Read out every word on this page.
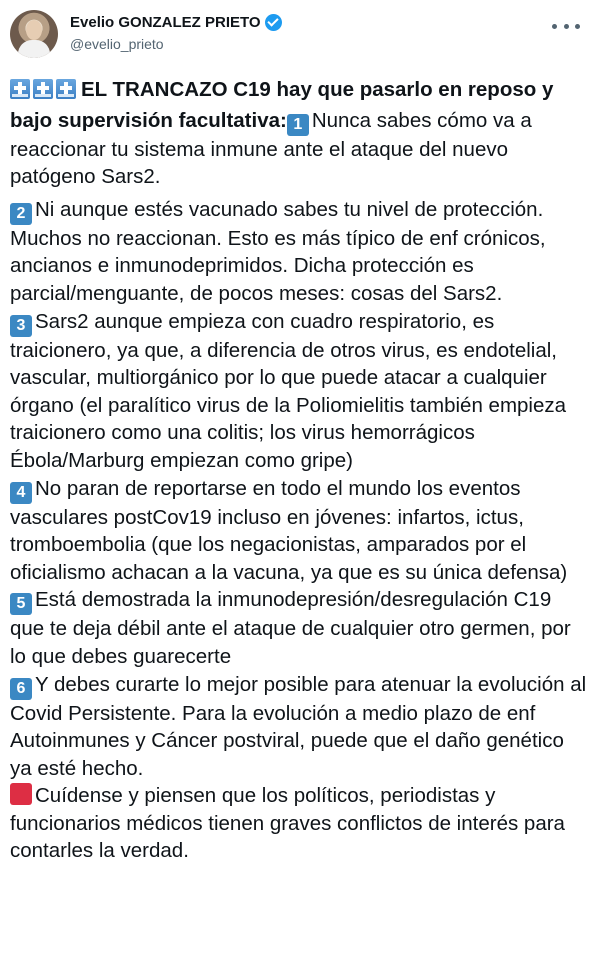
Evelio GONZALEZ PRIETO
@evelio_prieto
EL TRANCAZO C19 hay que pasarlo en reposo y bajo supervisión facultativa: 1 Nunca sabes cómo va a reaccionar tu sistema inmune ante el ataque del nuevo patógeno Sars2.
2 Ni aunque estés vacunado sabes tu nivel de protección. Muchos no reaccionan. Esto es más típico de enf crónicos, ancianos e inmunodeprimidos. Dicha protección es parcial/menguante, de pocos meses: cosas del Sars2.
3 Sars2 aunque empieza con cuadro respiratorio, es traicionero, ya que, a diferencia de otros virus, es endotelial, vascular, multiorgánico por lo que puede atacar a cualquier órgano (el paralítico virus de la Poliomielitis también empieza traicionero como una colitis; los virus hemorrágicos Ébola/Marburg empiezan como gripe)
4 No paran de reportarse en todo el mundo los eventos vasculares postCov19 incluso en jóvenes: infartos, ictus, tromboembolia (que los negacionistas, amparados por el oficialismo achacan a la vacuna, ya que es su única defensa)
5 Está demostrada la inmunodepresión/desregulación C19 que te deja débil ante el ataque de cualquier otro germen, por lo que debes guarecerte
6 Y debes curarte lo mejor posible para atenuar la evolución al Covid Persistente. Para la evolución a medio plazo de enf Autoinmunes y Cáncer postviral, puede que el daño genético ya esté hecho.
Cuídense y piensen que los políticos, periodistas y funcionarios médicos tienen graves conflictos de interés para contarles la verdad.
